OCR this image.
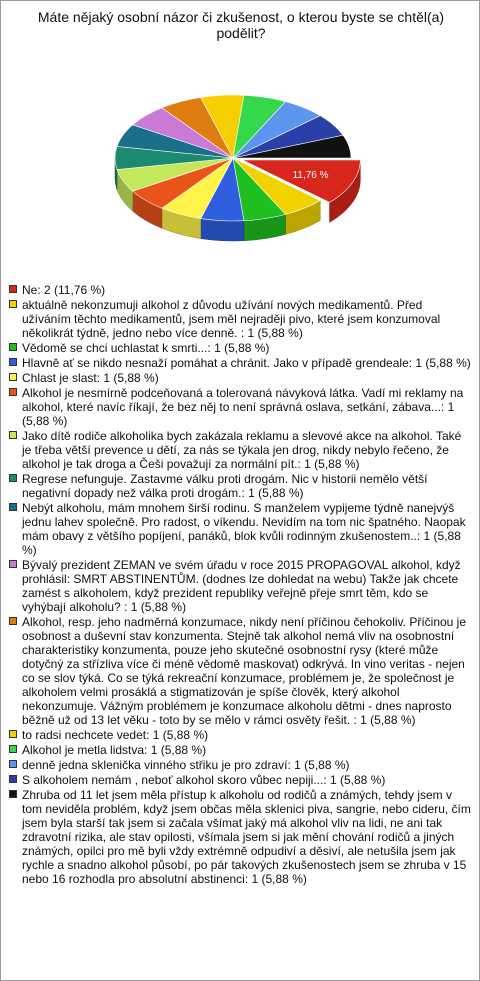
Máte nějaký osobní názor či zkušenost, o kterou byste se chtěl(a) podělit?
11,76 %
Ne: 2 (11,76 %)
aktuálně nekonzumuji alkohol z důvodu užívání nových medikamentů. Před užíváním těchto medikamentů, jsem měl nejraději pivo, které jsem konzumoval několikrát týdně, jedno nebo více denně. : 1 (5,88 %)
Vědomě se chci uchlastat k smrti...: 1 (5,88 %)
Hlavně ať se nikdo nesnaží pomáhat a chránit. Jako v případě grendeale: 1 (5,88 %)
Chlast je slast: 1 (5,88 %)
Alkohol je nesmírně podceňovaná a tolerovaná návyková látka. Vadí mi reklamy na alkohol, které navíc říkají, že bez něj to není správná oslava, setkání, zábava...: 1 (5,88 %)
Jako dítě rodiče alkoholika bych zakázala reklamu a slevové akce na alkohol. Také je třeba větší prevence u dětí, za nás se týkala jen drog, nikdy nebylo řečeno, že alkohol je tak droga a Češi považují za normální pít.: 1 (5,88 %)
Regrese nefunguje. Zastavme válku proti drogám. Nic v historii nemělo větší negativní dopady než válka proti drogám.: 1 (5,88 %)
Nebýt alkoholu, mám mnohem širší rodinu. S manželem vypijeme týdně nanejvýš jednu lahev společně. Pro radost, o víkendu. Nevidím na tom nic špatného. Naopak mám obavy z většího popíjení, panáků, blok kvůli rodinným zkušenostem..: 1 (5,88 %)
Bývalý prezident ZEMAN ve svém úřadu v roce 2015 PROPAGOVAL alkohol, když prohlásil: SMRT ABSTINENTŮM. (dodnes lze dohledat na webu) Takže jak chcete zamést s alkoholem, když prezident republiky veřejně přeje smrt těm, kdo se vyhýbají alkoholu? : 1 (5,88 %)
Alkohol, resp. jeho nadměrná konzumace, nikdy není příčinou čehokoliv. Příčinou je osobnost a duševní stav konzumenta. Stejně tak alkohol nemá vliv na osobnostní charakteristiky konzumenta, pouze jeho skutečné osobnostní rysy (které může dotyčný za střízliva více či méně vědomě maskovat) odkrývá. In vino veritas - nejen co se slov týká. Co se týká rekreační konzumace, problémem je, že společnost je alkoholem velmi prosáklá a stigmatizován je spíše člověk, který alkohol nekonzumuje. Vážným problémem je konzumace alkoholu dětmi - dnes naprosto běžně už od 13 let věku - toto by se mělo v rámci osvěty řešit. : 1 (5,88 %)
to radsi nechcete vedet: 1 (5,88 %)
Alkohol je metla lidstva: 1 (5,88 %)
denně jedna sklenička vinného střiku je pro zdraví: 1 (5,88 %)
S alkoholem nemám , neboť alkohol skoro vůbec nepiji...: 1 (5,88 %)
Zhruba od 11 let jsem měla přístup k alkoholu od rodičů a známých, tehdy jsem v tom neviděla problém, když jsem občas měla sklenici piva, sangrie, nebo cideru, čím jsem byla starší tak jsem si začala všímat jaký má alkohol vliv na lidi, ne ani tak zdravotní rizika, ale stav opilosti, všímala jsem si jak mění chování rodičů a jiných známých, opilci pro mě byli vždy extrémně odpudiví a děsiví, ale netušila jsem jak rychle a snadno alkohol působí, po pár takových zkušenostech jsem se zhruba v 15 nebo 16 rozhodla pro absolutní abstinenci: 1 (5,88 %)
